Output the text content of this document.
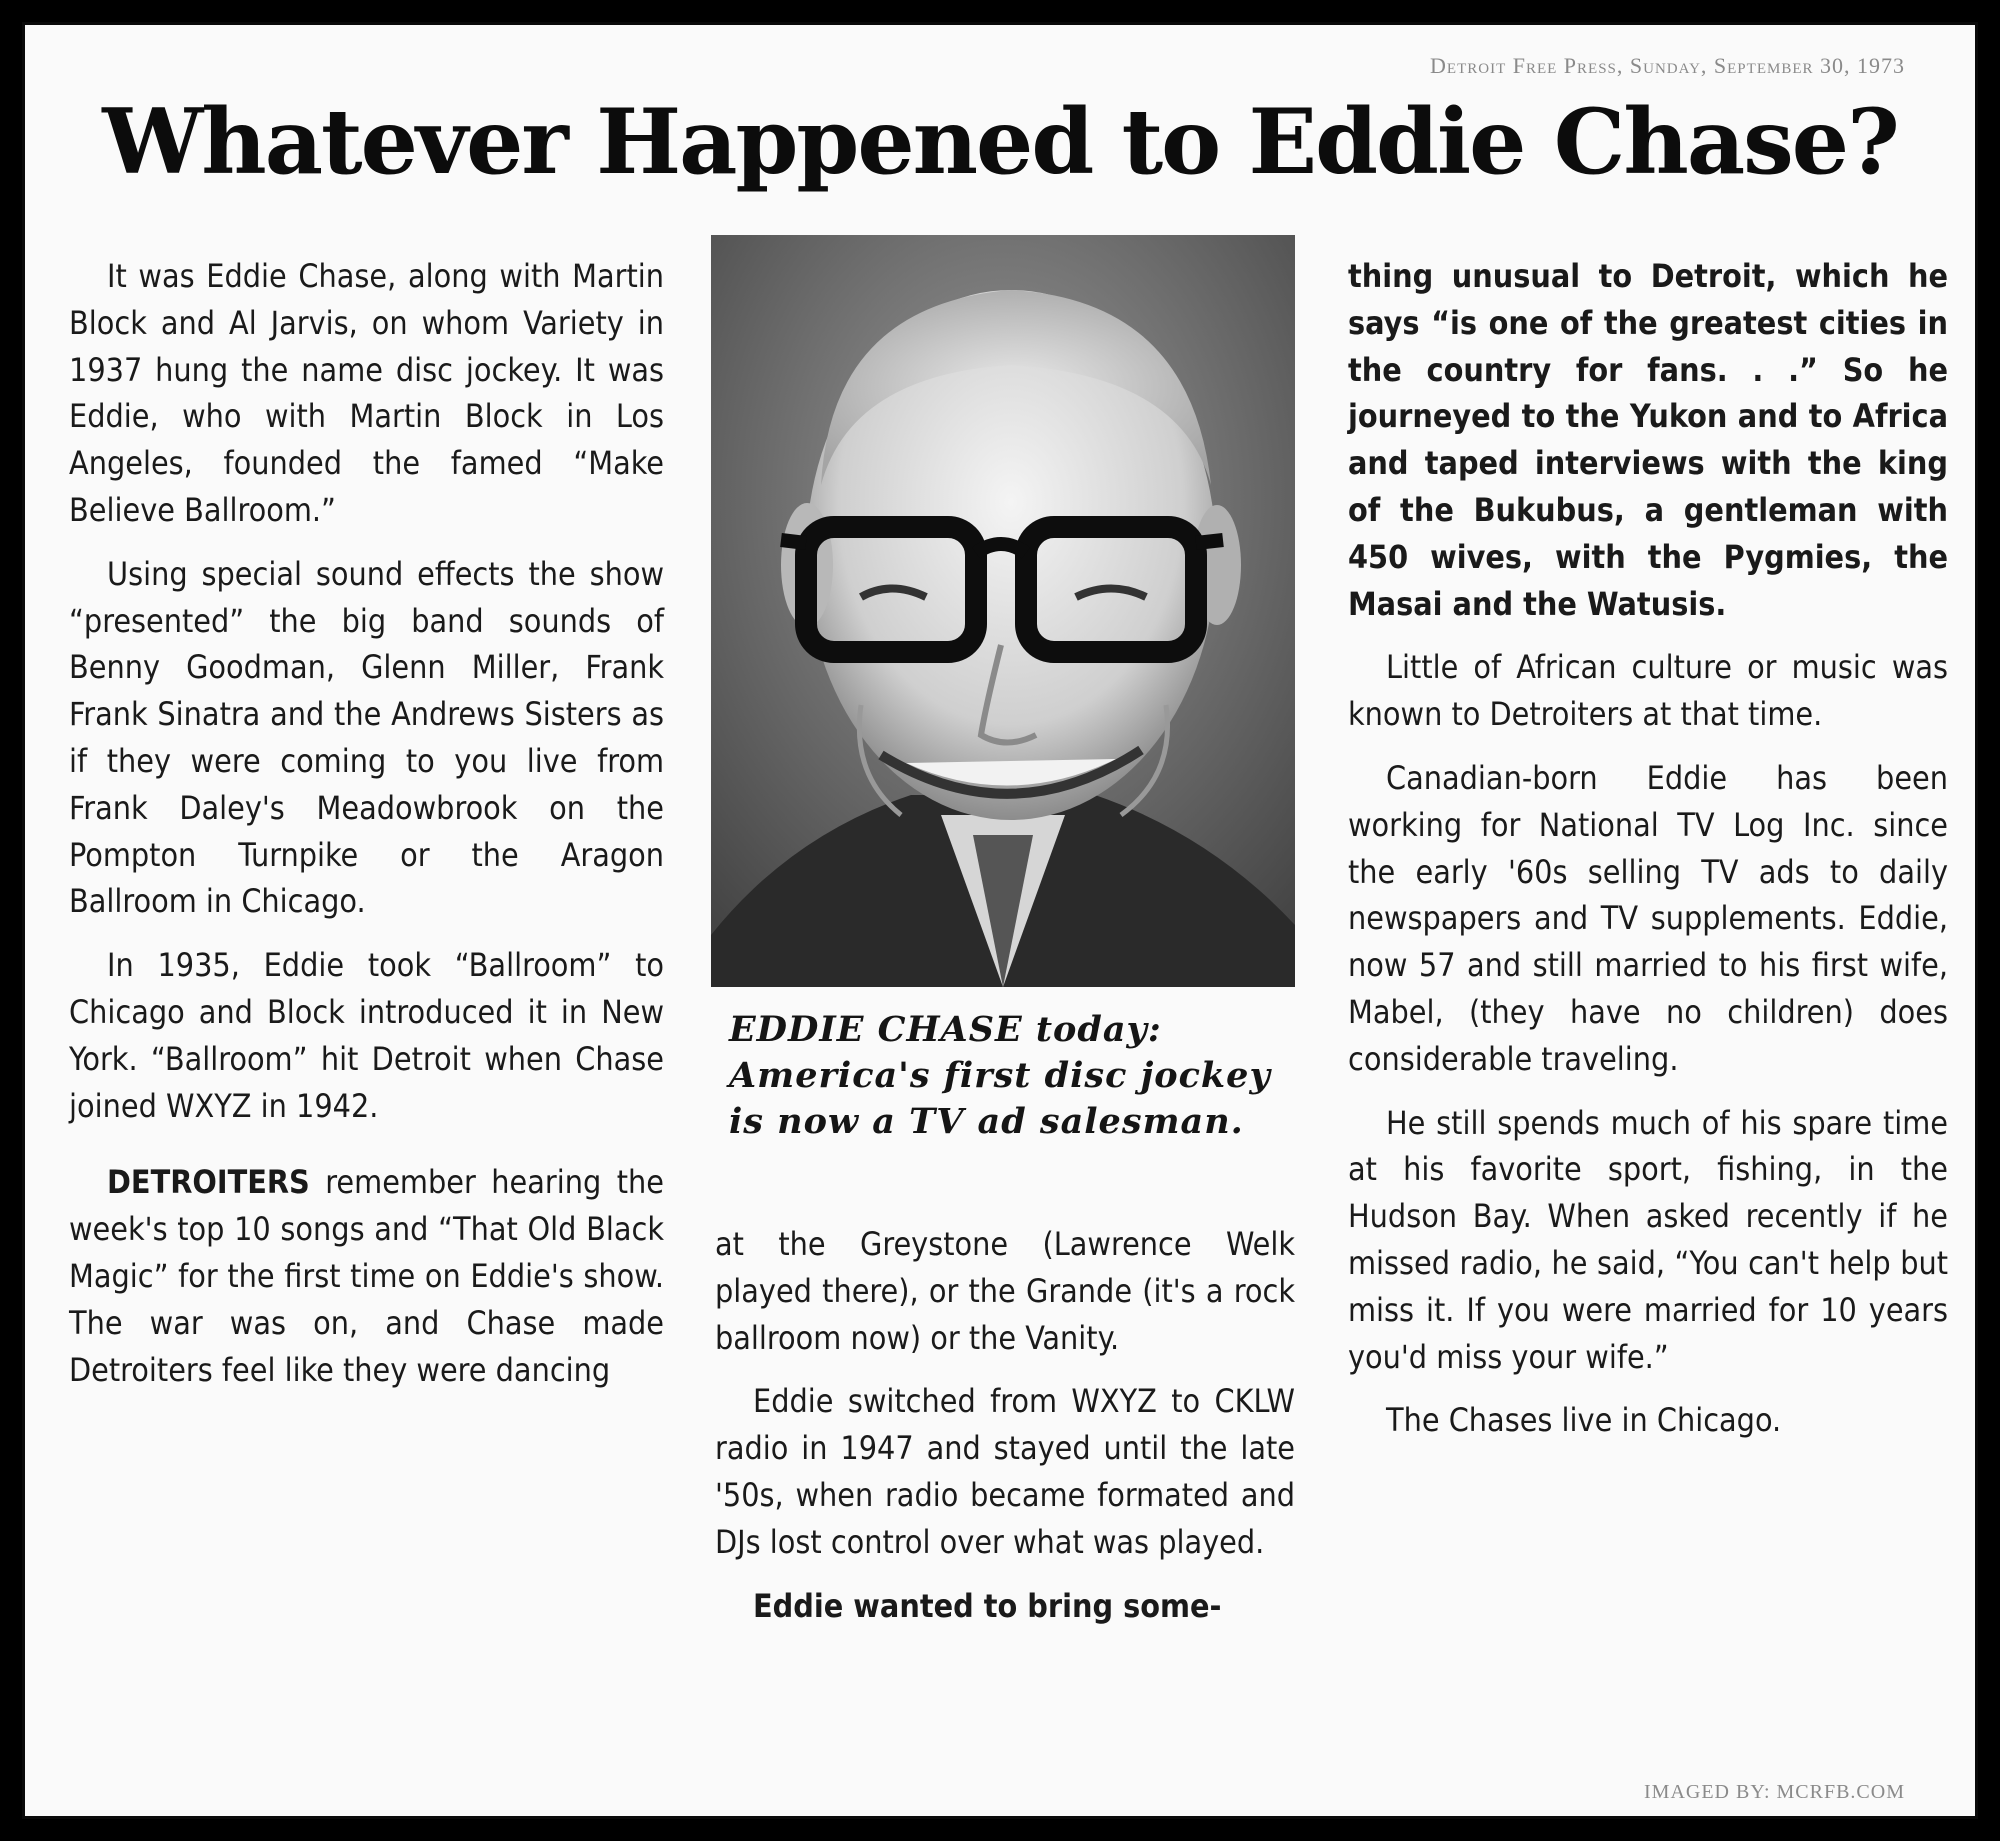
Detroit Free Press, Sunday, September 30, 1973
Whatever Happened to Eddie Chase?

It was Eddie Chase, along with Martin Block and Al Jarvis, on whom Variety in 1937 hung the name disc jockey. It was Eddie, who with Martin Block in Los Angeles, founded the famed “Make Believe Ballroom.”

Using special sound effects the show “presented” the big band sounds of Benny Goodman, Glenn Miller, Frank Frank Sinatra and the Andrews Sisters as if they were coming to you live from Frank Daley's Meadowbrook on the Pompton Turnpike or the Aragon Ballroom in Chicago.

In 1935, Eddie took “Ballroom” to Chicago and Block introduced it in New York. “Ballroom” hit Detroit when Chase joined WXYZ in 1942.

DETROITERS remember hearing the week's top 10 songs and “That Old Black Magic” for the first time on Eddie's show. The war was on, and Chase made Detroiters feel like they were dancing

EDDIE CHASE today: America's first disc jockey is now a TV ad salesman.

at the Greystone (Lawrence Welk played there), or the Grande (it's a rock ballroom now) or the Vanity.

Eddie switched from WXYZ to CKLW radio in 1947 and stayed until the late '50s, when radio became formated and DJs lost control over what was played.

Eddie wanted to bring some-

thing unusual to Detroit, which he says “is one of the greatest cities in the country for fans. . .” So he journeyed to the Yukon and to Africa and taped interviews with the king of the Bukubus, a gentleman with 450 wives, with the Pygmies, the Masai and the Watusis.

Little of African culture or music was known to Detroiters at that time.

Canadian-born Eddie has been working for National TV Log Inc. since the early '60s selling TV ads to daily newspapers and TV supplements. Eddie, now 57 and still married to his first wife, Mabel, (they have no children) does considerable traveling.

He still spends much of his spare time at his favorite sport, fishing, in the Hudson Bay. When asked recently if he missed radio, he said, “You can't help but miss it. If you were married for 10 years you'd miss your wife.”

The Chases live in Chicago.

IMAGED BY: MCRFB.COM
